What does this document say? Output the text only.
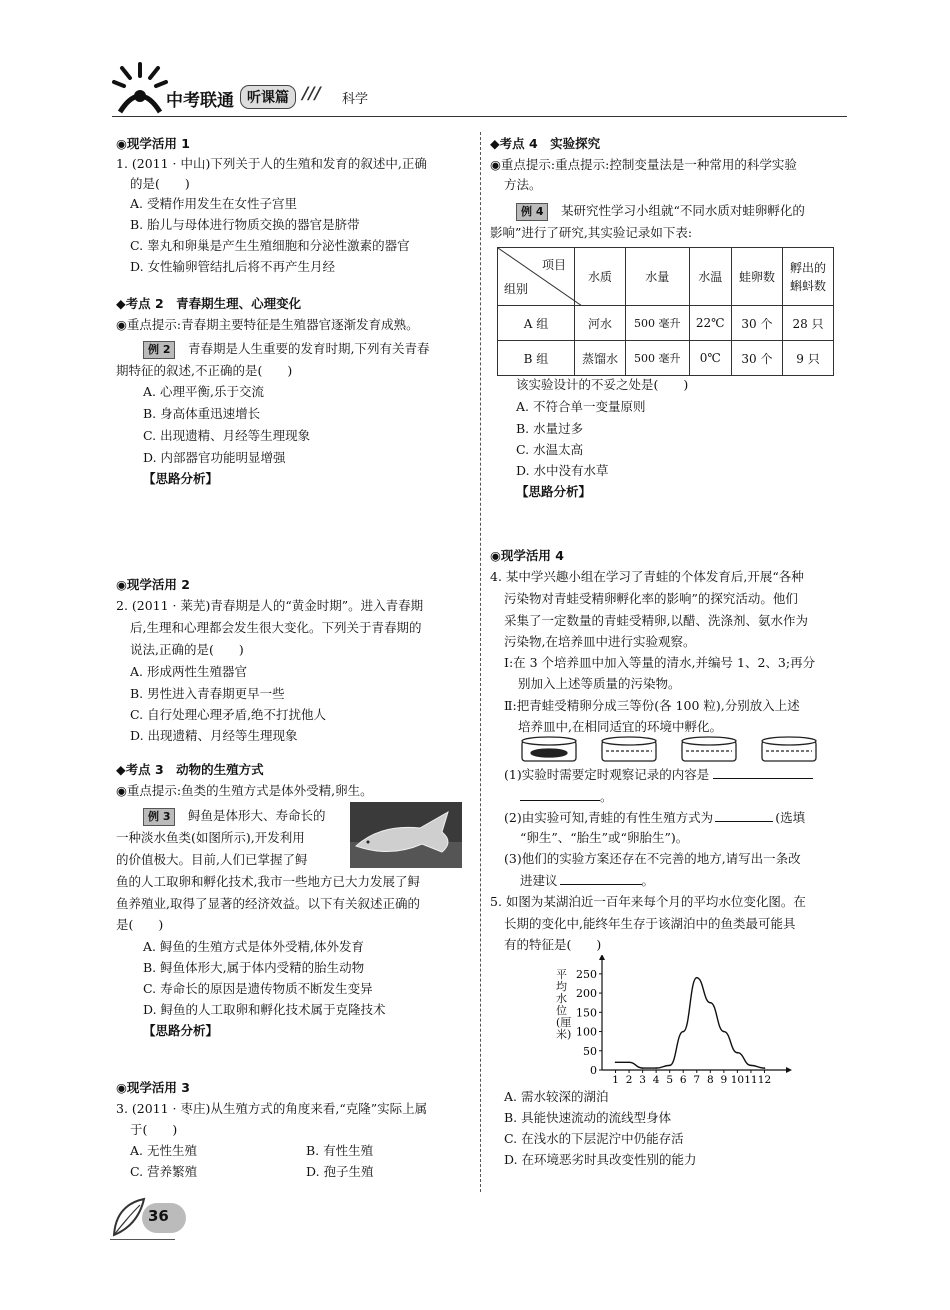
中考联通 听课篇 /// 科学
◉现学活用 1
1. (2011 · 中山)下列关于人的生殖和发育的叙述中,正确
的是(　　)
A. 受精作用发生在女性子宫里
B. 胎儿与母体进行物质交换的器官是脐带
C. 睾丸和卵巢是产生生殖细胞和分泌性激素的器官
D. 女性输卵管结扎后将不再产生月经
◆考点 2　青春期生理、心理变化
◉重点提示:青春期主要特征是生殖器官逐渐发育成熟。
例 2　 青春期是人生重要的发育时期,下列有关青春
期特征的叙述,不正确的是(　　)
A. 心理平衡,乐于交流
B. 身高体重迅速增长
C. 出现遗精、月经等生理现象
D. 内部器官功能明显增强
【思路分析】
◉现学活用 2
2. (2011 · 莱芜)青春期是人的“黄金时期”。进入青春期
后,生理和心理都会发生很大变化。下列关于青春期的
说法,正确的是(　　)
A. 形成两性生殖器官
B. 男性进入青春期更早一些
C. 自行处理心理矛盾,绝不打扰他人
D. 出现遗精、月经等生理现象
◆考点 3　动物的生殖方式
◉重点提示:鱼类的生殖方式是体外受精,卵生。
例 3　 鲟鱼是体形大、寿命长的
一种淡水鱼类(如图所示),开发利用
的价值极大。目前,人们已掌握了鲟
鱼的人工取卵和孵化技术,我市一些地方已大力发展了鲟
鱼养殖业,取得了显著的经济效益。以下有关叙述正确的
是(　　)
A. 鲟鱼的生殖方式是体外受精,体外发育
B. 鲟鱼体形大,属于体内受精的胎生动物
C. 寿命长的原因是遗传物质不断发生变异
D. 鲟鱼的人工取卵和孵化技术属于克隆技术
【思路分析】
◉现学活用 3
3. (2011 · 枣庄)从生殖方式的角度来看,“克隆”实际上属
于(　　)
A. 无性生殖	B. 有性生殖
C. 营养繁殖	D. 孢子生殖
◆考点 4　实验探究
◉重点提示:重点提示:控制变量法是一种常用的科学实验
方法。
例 4　 某研究性学习小组就“不同水质对蛙卵孵化的
影响”进行了研究,其实验记录如下表:
项目
组别	水质	水量	水温	蛙卵数	孵出的蝌蚪数
A 组	河水	500 毫升	22℃	30 个	28 只
B 组	蒸馏水	500 毫升	0℃	30 个	9 只
该实验设计的不妥之处是(　　)
A. 不符合单一变量原则
B. 水量过多
C. 水温太高
D. 水中没有水草
【思路分析】
◉现学活用 4
4. 某中学兴趣小组在学习了青蛙的个体发育后,开展“各种
污染物对青蛙受精卵孵化率的影响”的探究活动。他们
采集了一定数量的青蛙受精卵,以醋、洗涤剂、氨水作为
污染物,在培养皿中进行实验观察。
Ⅰ:在 3 个培养皿中加入等量的清水,并编号 1、2、3;再分
别加入上述等质量的污染物。
Ⅱ:把青蛙受精卵分成三等份(各 100 粒),分别放入上述
培养皿中,在相同适宜的环境中孵化。
(1)实验时需要定时观察记录的内容是
。
(2)由实验可知,青蛙的有性生殖方式为	(选填
“卵生”、“胎生”或“卵胎生”)。
(3)他们的实验方案还存在不完善的地方,请写出一条改
进建议	。
5. 如图为某湖泊近一百年来每个月的平均水位变化图。在
长期的变化中,能终年生存于该湖泊中的鱼类最可能具
有的特征是(　　)
平均水位(厘米)
0
50
100
150
200
250
1 2 3 4 5 6 7 8 9 10 11 12
A. 需水较深的湖泊
B. 具能快速流动的流线型身体
C. 在浅水的下层泥泞中仍能存活
D. 在环境恶劣时具改变性别的能力
36
